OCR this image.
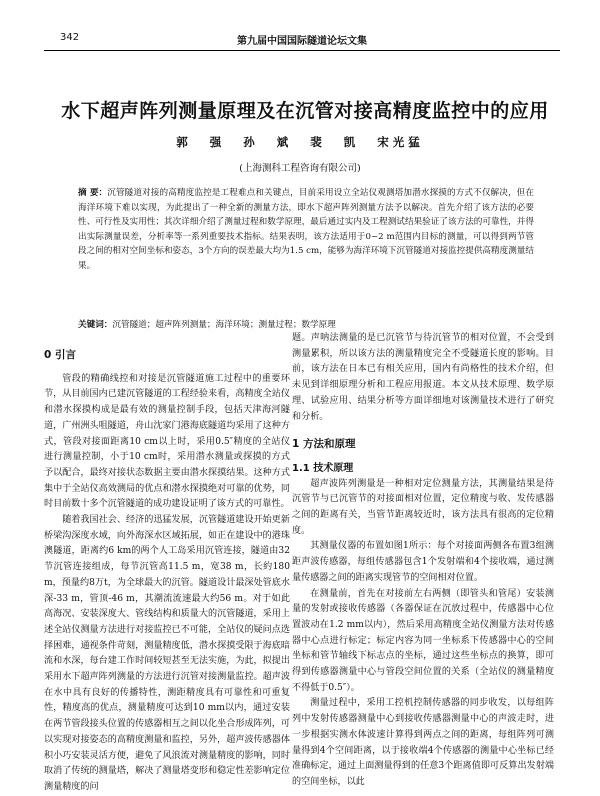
342	第九届中国国际隧道论坛文集
水下超声阵列测量原理及在沉管对接高精度监控中的应用
郭 强 孙 斌 裴 凯 宋光猛
(上海测科工程咨询有限公司)
摘 要：沉管隧道对接的高精度监控是工程难点和关键点，目前采用设立全站仪观测塔加潜水探摸的方式不仅解决，但在海洋环境下难以实现，为此提出了一种全新的测量方法，即水下超声阵列测量方法予以解决。首先介绍了该方法的必要性、可行性及实用性；其次详细介绍了测量过程和数学原理，最后通过实内及工程测试结果验证了该方法的可靠性，并得出实际测量误差，分析率等一系列重要技术指标。结果表明，该方法适用于0~2 m范围内目标的测量，可以得到两节管段之间的相对空间坐标和姿态，3个方向的误差最大均为1.5 cm，能够为海洋环境下沉管隧道对接监控提供高精度测量结果。
关键词：沉管隧道；超声阵列测量；海洋环境；测量过程；数学原理

0 引言

管段的精确线控和对接是沉管隧道施工过程中的重要环节，从目前国内已建沉管隧道的工程经验来看，高精度全站仪和潜水探摸构成是最有效的测量控制手段，包括天津海河隧道，广州洲头咀隧道，舟山沈家门港海底隧道均采用了这种方式，管段对接面距离10 cm以上时，采用0.5″精度的全站仪进行测量控制，小于10 cm时，采用潜水测量或探摸的方式予以配合，最终对接状态数据主要由潜水探摸结果。这种方式集中于全站仪高效测局的优点和潜水探摸绝对可靠的优势，同时目前数十多个沉管隧道的成功建设证明了该方式的可靠性。

随着我国社会、经济的迅猛发展，沉管隧道建设开始更新桥梁沟深度水域，向外海深水区域拓展，如正在建设中的港珠澳隧道，距离约6 km的两个人工岛采用沉管连接，隧道由32节沉管连接组成，每节沉管高11.5 m，宽38 m，长約180 m，预量约8万t，为全球最大的沉管。隧道设计最深处管底水深-33 m，管顶-46 m，其潮流流速最大约56 m。对于如此高海况、安装深度大、管线结构和质量大的沉管隧道，采用上述全站仪测量方法进行对接监控已不可能，全站仪的疑问点选择困难，通视条件苛刻，测量精度低，潜水探摸受限于海底暗流和水深，每台建工作时间较短甚至无法实施，为此，拟提出采用水下超声阵列测量的方法进行沉管对接测量监控。超声波在水中具有良好的传播特性，测距精度具有可靠性和可重复性，精度高的优点，测量精度可达到10 mm以内，通过安装在两节管段接头位置的传感器相互之间以化坐合形成阵列，可以实现对接姿态的高精度测量和监控，另外，超声波传感器体积小巧安装灵活方便，避免了风浪流对测量精度的影响，同时取消了传统的测量塔，解决了测量塔变形和稳定性差影响定位测量精度的问

题。声呐法测量的是已沉管节与待沉管节的相对位置，不会受到测量累积，所以该方法的测量精度完全不受隧道长度的影响。目前，该方法在日本已有相关应用，国内有尚格性的技术介绍，但未见到详细原理分析和工程应用报道。本文从技术原理、数学原理、试验应用、结果分析等方面详细地对该测量技术进行了研究和分析。

1 方法和原理

1.1 技术原理

超声波阵列测量是一种相对定位测量方法，其测量结果是待沉管节与已沉管节的对接面相对位置，定位精度与收、发传感器之间的距离有关，当管节距离较近时，该方法具有很高的定位精度。

其测量仪器的布置如图1所示：每个对接面两侧各布置3组测距声波传感器，每组传感器包含1个发射端和4个接收端，通过测量传感器之间的距离实现管节的空间相对位置。

在测量前，首先在对接前左右两侧（即管头和管尾）安装测量的发射或接收传感器（各器保证在沉放过程中，传感器中心位置波动在1.2 mm以内），然后采用高精度全站仪测量方法对传感器中心点进行标定；标定内容为同一坐标系下传感器中心的空间坐标和管节轴线下标志点的坐标，通过这些坐标点的换算，即可得到传感器测量中心与管段空间位置的关系（全站仪的测量精度不得低于0.5″）。

测量过程中，采用工控机控制传感器的同步收发，以每组阵列中发射传感器测量中心到接收传感器测量中心的声波走时，进一步根据实测水体波速计算得到两点之间的距离，每组阵列可测量得到4个空间距离，以于接收端4个传感器的测量中心坐标已经准确标定，通过上面测量得到的任意3个距离值即可反算出发射端的空间坐标，以此
